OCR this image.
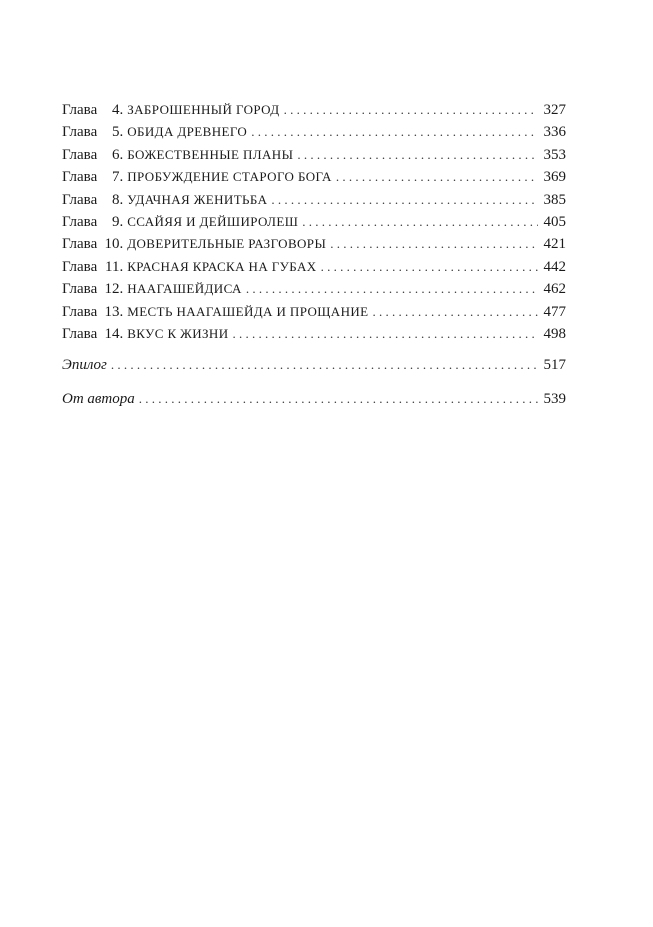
Глава 4. ЗАБРОШЕННЫЙ ГОРОД . . .	327
Глава 5. ОБИДА ДРЕВНЕГО . . .	336
Глава 6. БОЖЕСТВЕННЫЕ ПЛАНЫ . . .	353
Глава 7. ПРОБУЖДЕНИЕ СТАРОГО БОГА . . .	369
Глава 8. УДАЧНАЯ ЖЕНИТЬБА . . .	385
Глава 9. ССАЙЯЯ И ДЕЙШИРОЛЕШ . . .	405
Глава 10. ДОВЕРИТЕЛЬНЫЕ РАЗГОВОРЫ . . .	421
Глава 11. КРАСНАЯ КРАСКА НА ГУБАХ . . .	442
Глава 12. НААГАШЕЙДИСА . . .	462
Глава 13. МЕСТЬ НААГАШЕЙДА И ПРОЩАНИЕ . . .	477
Глава 14. ВКУС К ЖИЗНИ . . .	498
Эпилог . . .	517
От автора . . .	539
